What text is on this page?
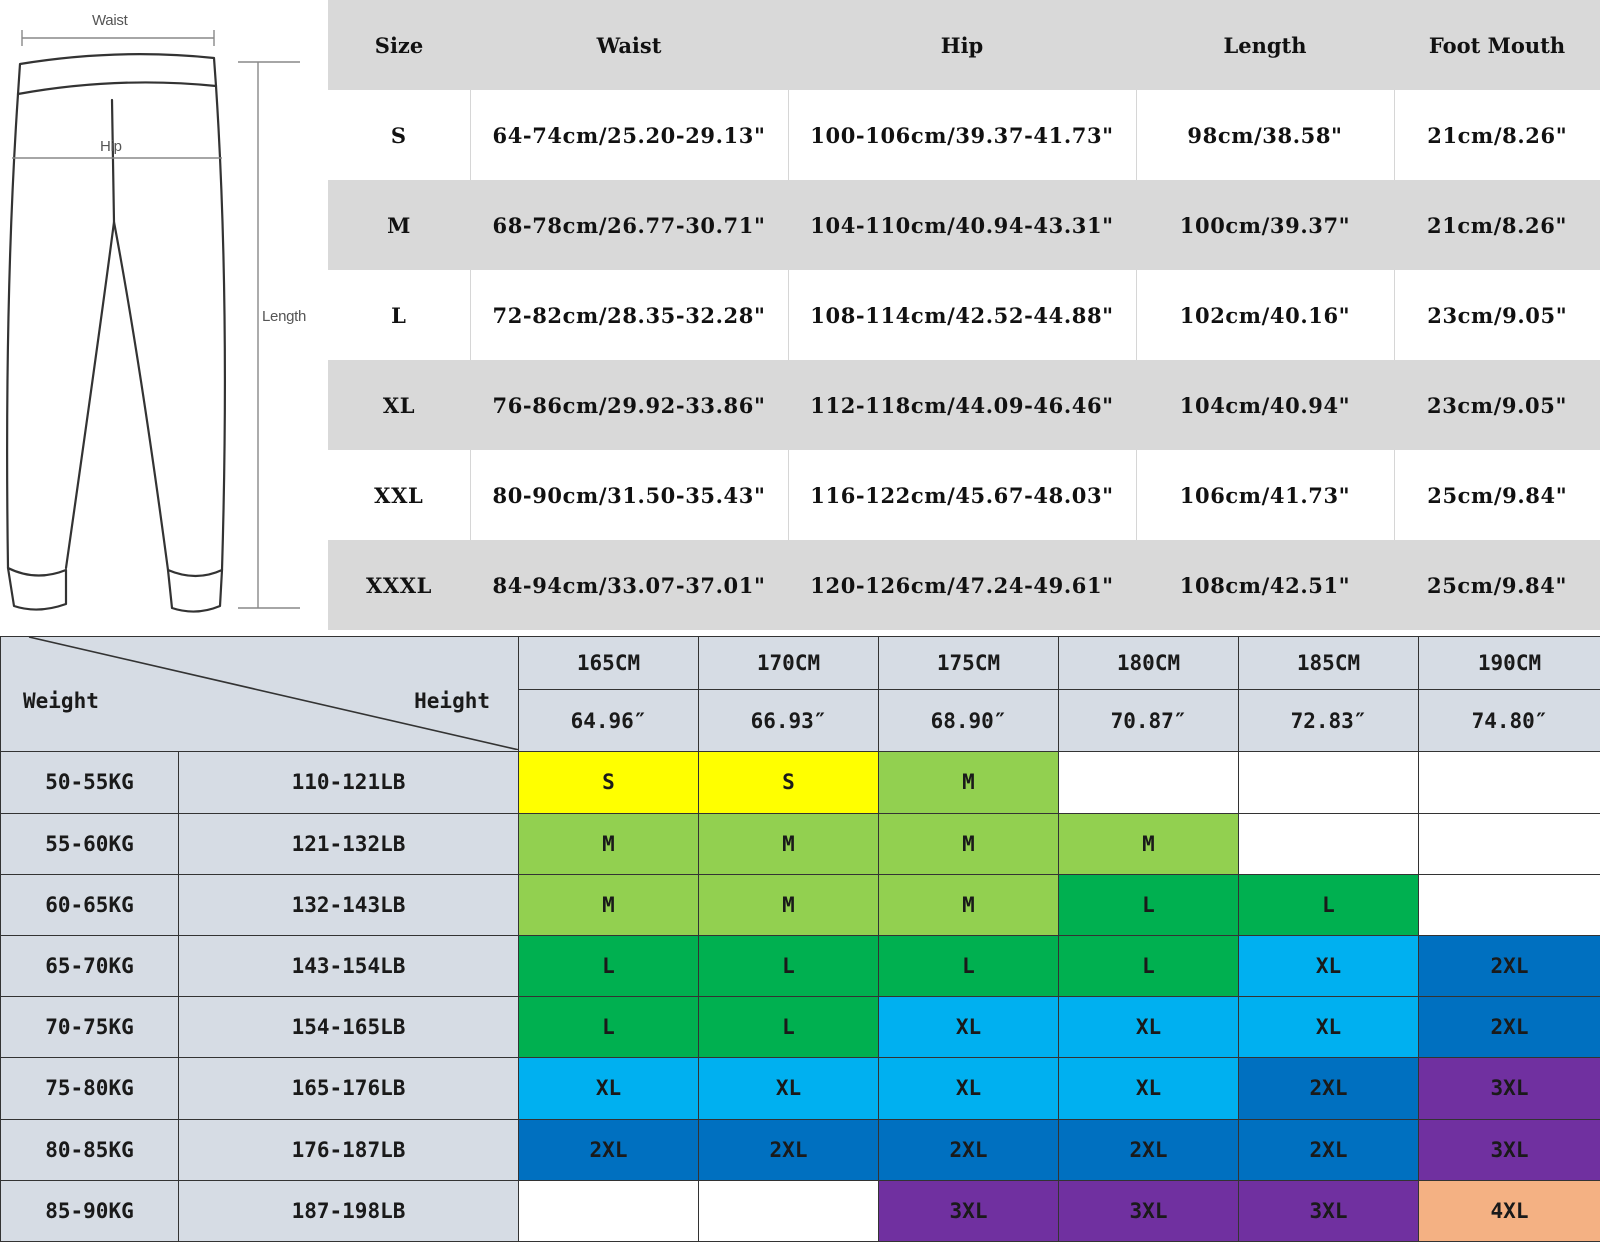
Waist
Hip
Length
Size	Waist	Hip	Length	Foot Mouth
S	64-74cm/25.20-29.13"	100-106cm/39.37-41.73"	98cm/38.58"	21cm/8.26"
M	68-78cm/26.77-30.71"	104-110cm/40.94-43.31"	100cm/39.37"	21cm/8.26"
L	72-82cm/28.35-32.28"	108-114cm/42.52-44.88"	102cm/40.16"	23cm/9.05"
XL	76-86cm/29.92-33.86"	112-118cm/44.09-46.46"	104cm/40.94"	23cm/9.05"
XXL	80-90cm/31.50-35.43"	116-122cm/45.67-48.03"	106cm/41.73"	25cm/9.84"
XXXL	84-94cm/33.07-37.01"	120-126cm/47.24-49.61"	108cm/42.51"	25cm/9.84"
Weight Height		165CM	170CM	175CM	180CM	185CM	190CM
		64.96″	66.93″	68.90″	70.87″	72.83″	74.80″
50-55KG	110-121LB	S	S	M			
55-60KG	121-132LB	M	M	M	M		
60-65KG	132-143LB	M	M	M	L	L	
65-70KG	143-154LB	L	L	L	L	XL	2XL
70-75KG	154-165LB	L	L	XL	XL	XL	2XL
75-80KG	165-176LB	XL	XL	XL	XL	2XL	3XL
80-85KG	176-187LB	2XL	2XL	2XL	2XL	2XL	3XL
85-90KG	187-198LB			3XL	3XL	3XL	4XL
